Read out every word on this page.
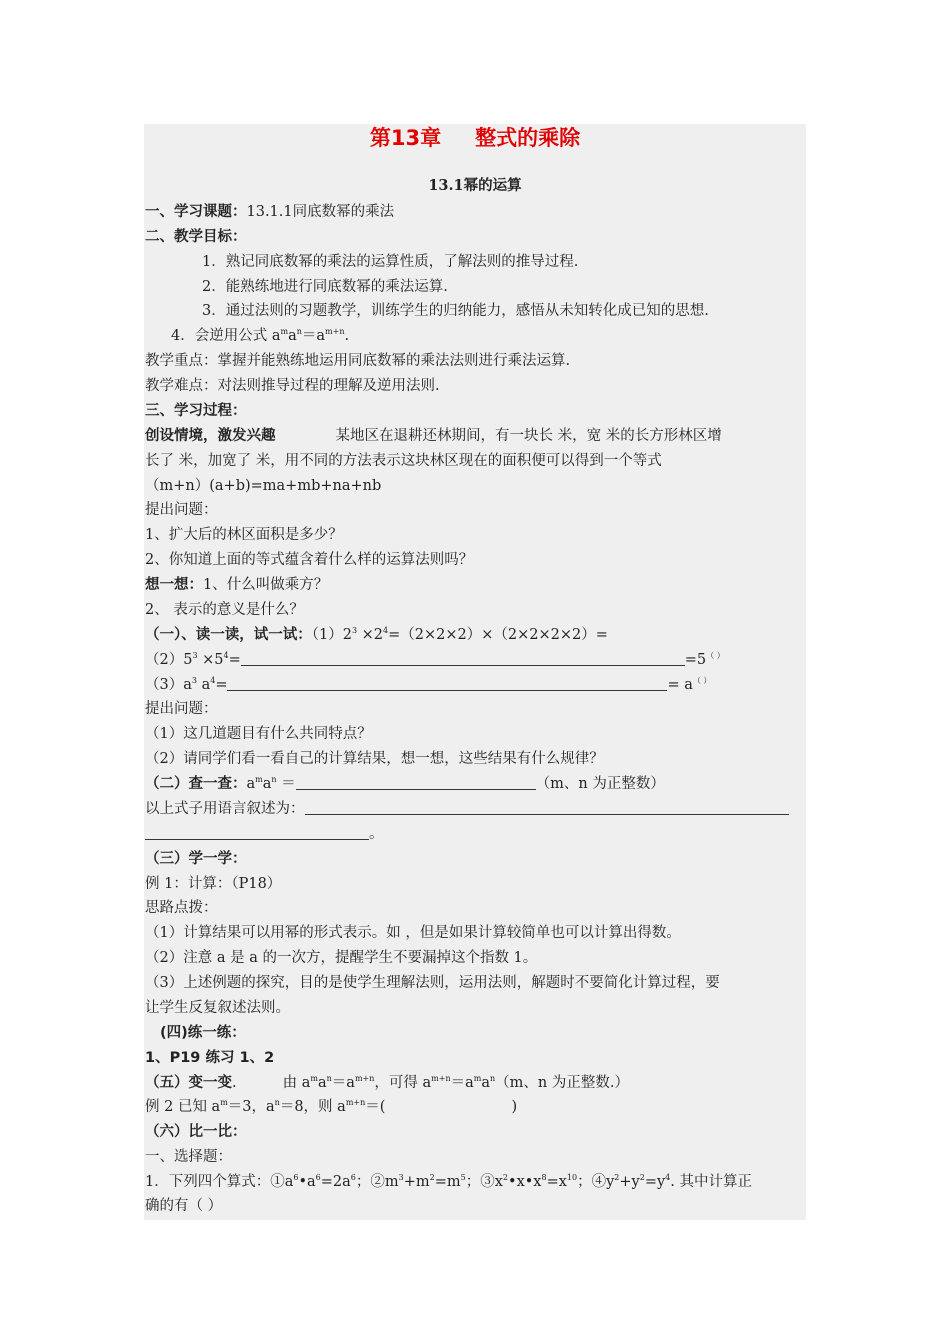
第13章 整式的乘除
13.1幂的运算
一、学习课题：13.1.1同底数幂的乘法
二、教学目标：
1．熟记同底数幂的乘法的运算性质，了解法则的推导过程.
2．能熟练地进行同底数幂的乘法运算.
3．通过法则的习题教学，训练学生的归纳能力，感悟从未知转化成已知的思想.
4．会逆用公式 $a^ma^n=a^{m+n}$.
教学重点：掌握并能熟练地运用同底数幂的乘法法则进行乘法运算.
教学难点：对法则推导过程的理解及逆用法则.
三、学习过程：
创设情境，激发兴趣	某地区在退耕还林期间，有一块长 米，宽 米的长方形林区增
长了 米，加宽了 米，用不同的方法表示这块林区现在的面积便可以得到一个等式
（m+n）(a+b)=ma+mb+na+nb
提出问题：
1、扩大后的林区面积是多少？
2、你知道上面的等式蕴含着什么样的运算法则吗？
想一想：1、什么叫做乘方？
2、 表示的意义是什么？
（一）、读一读，试一试：$(1)2^3 \times 2^4=(2\times 2\times 2)\times(2\times 2\times 2\times 2)=$
$(2)5^3 \times 5^4=$	=5（ ）
$(3)a^3$ $a^4=$	= a（ ）
提出问题：
（1）这几道题目有什么共同特点？
（2）请同学们看一看自己的计算结果，想一想，这些结果有什么规律？
（二）查一查：$a^ma^n$ ＝	（m、n 为正整数）
以上式子用语言叙述为：
。
（三）学一学：
例 1：计算：（P18）
思路点拨：
（1）计算结果可以用幂的形式表示。如 ，但是如果计算较简单也可以计算出得数。
（2）注意 a 是 a 的一次方，提醒学生不要漏掉这个指数 1。
（3）上述例题的探究，目的是使学生理解法则，运用法则，解题时不要简化计算过程，要
让学生反复叙述法则。
(四)练一练：
1、P19 练习 1、2
（五）变一变.	由 $a^ma^n=a^{m+n}$，可得 $a^{m+n}=a^ma^n(m$、n 为正整数.）
例 2 已知 $a^m=3$，$a^n=8$，则 $a^{m+n}=$(	)
（六）比一比：
一、选择题：
1．下列四个算式：$①a^6•a^6=2a^6$；$②m^3+m^2=m^5$；$③x^2•x•x^8=x^{10}$；$④y^2+y^2=y^4$. 其中计算正
确的有（ ）
